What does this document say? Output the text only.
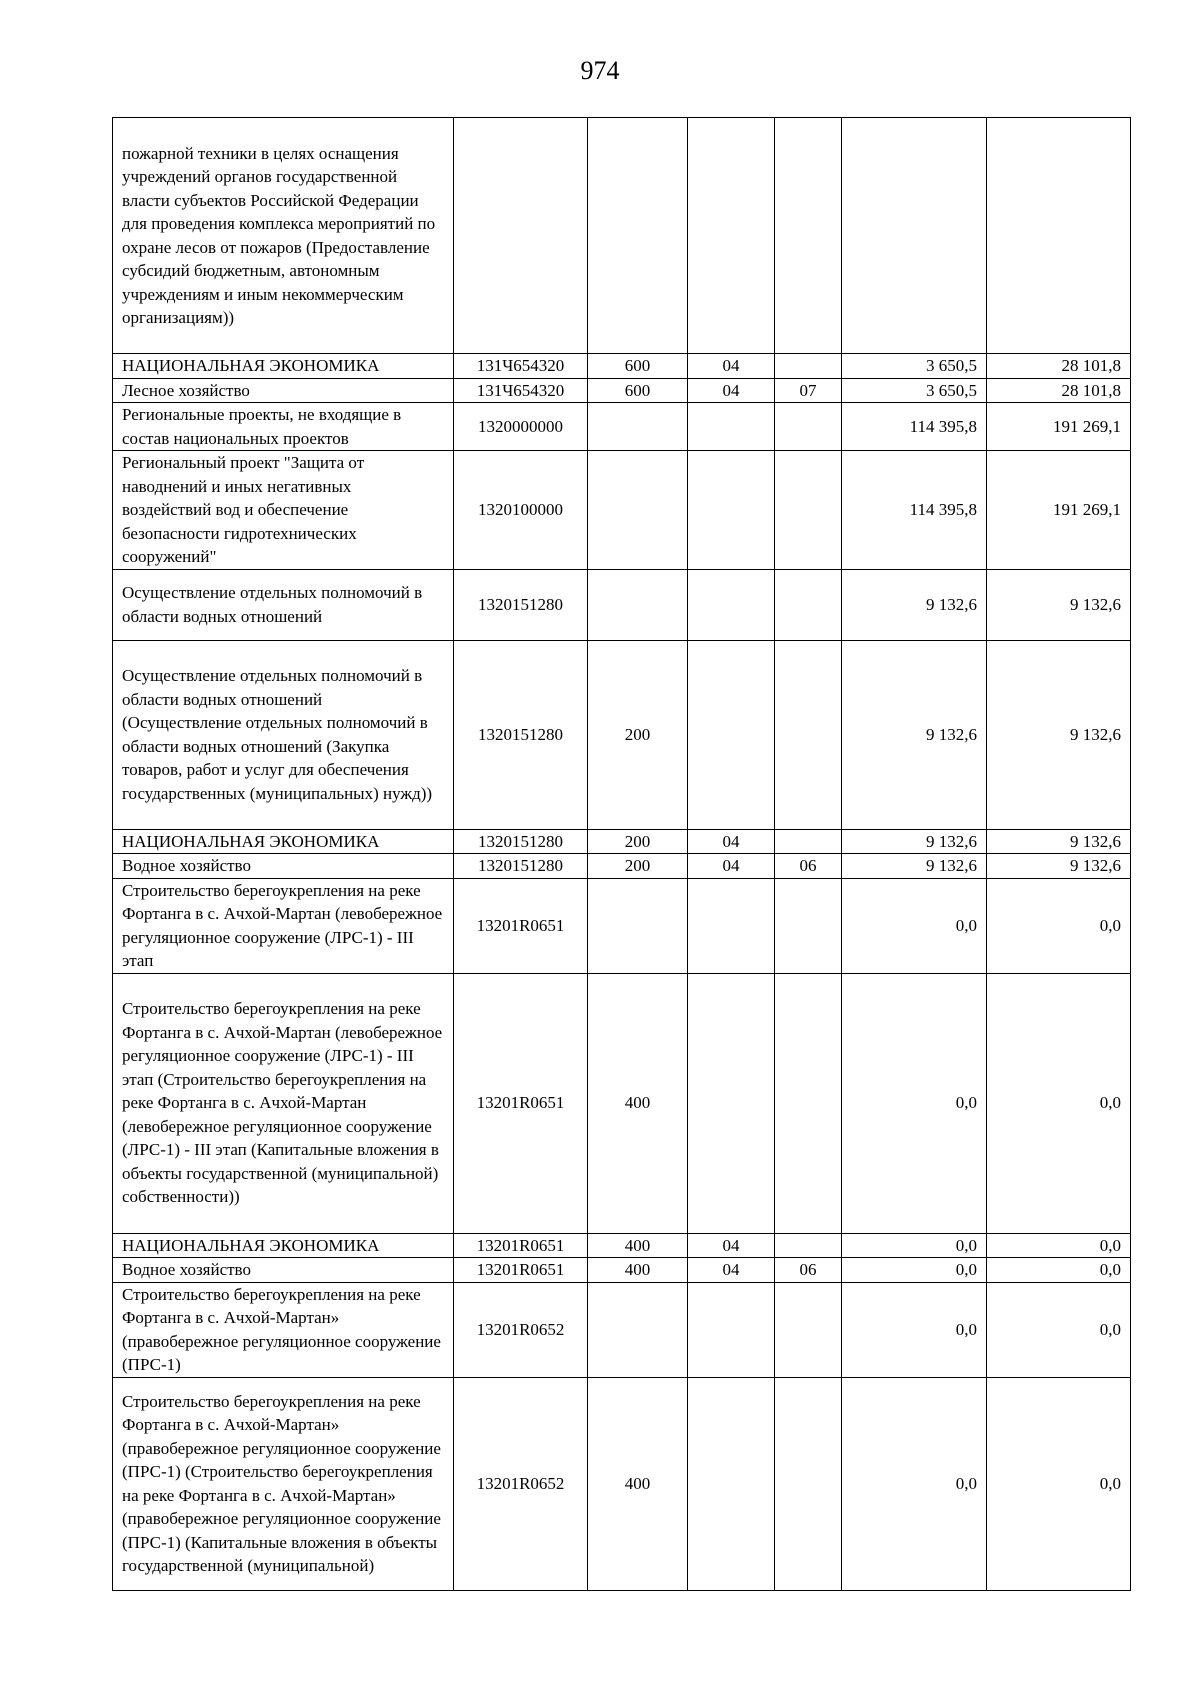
974
пожарной техники в целях оснащения учреждений органов государственной власти субъектов Российской Федерации для проведения комплекса мероприятий по охране лесов от пожаров (Предоставление субсидий бюджетным, автономным учреждениям и иным некоммерческим организациям))						
НАЦИОНАЛЬНАЯ ЭКОНОМИКА	131Ч654320	600	04		3 650,5	28 101,8
Лесное хозяйство	131Ч654320	600	04	07	3 650,5	28 101,8
Региональные проекты, не входящие в состав национальных проектов	1320000000				114 395,8	191 269,1
Региональный проект "Защита от наводнений и иных негативных воздействий вод и обеспечение безопасности гидротехнических сооружений"	1320100000				114 395,8	191 269,1
Осуществление отдельных полномочий в области водных отношений	1320151280				9 132,6	9 132,6
Осуществление отдельных полномочий в области водных отношений (Осуществление отдельных полномочий в области водных отношений (Закупка товаров, работ и услуг для обеспечения государственных (муниципальных) нужд))	1320151280	200			9 132,6	9 132,6
НАЦИОНАЛЬНАЯ ЭКОНОМИКА	1320151280	200	04		9 132,6	9 132,6
Водное хозяйство	1320151280	200	04	06	9 132,6	9 132,6
Строительство берегоукрепления на реке Фортанга в с. Ачхой-Мартан (левобережное регуляционное сооружение (ЛРС-1) - III этап	13201R0651				0,0	0,0
Строительство берегоукрепления на реке Фортанга в с. Ачхой-Мартан (левобережное регуляционное сооружение (ЛРС-1) - III этап (Строительство берегоукрепления на реке Фортанга в с. Ачхой-Мартан (левобережное регуляционное сооружение (ЛРС-1) - III этап (Капитальные вложения в объекты государственной (муниципальной) собственности))	13201R0651	400			0,0	0,0
НАЦИОНАЛЬНАЯ ЭКОНОМИКА	13201R0651	400	04		0,0	0,0
Водное хозяйство	13201R0651	400	04	06	0,0	0,0
Строительство берегоукрепления на реке Фортанга в с. Ачхой-Мартан» (правобережное регуляционное сооружение (ПРС-1)	13201R0652				0,0	0,0
Строительство берегоукрепления на реке Фортанга в с. Ачхой-Мартан» (правобережное регуляционное сооружение (ПРС-1) (Строительство берегоукрепления на реке Фортанга в с. Ачхой-Мартан» (правобережное регуляционное сооружение (ПРС-1) (Капитальные вложения в объекты государственной (муниципальной)	13201R0652	400			0,0	0,0
